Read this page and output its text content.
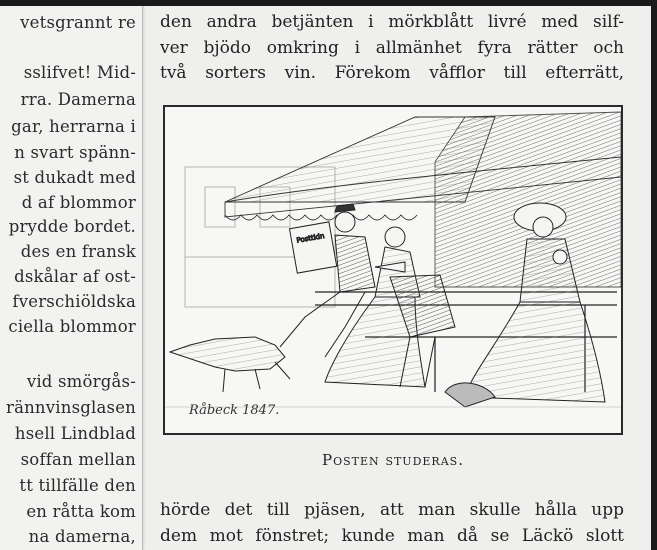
vetsgrannt re
sslifvet! Mid-
rra. Damerna
gar, herrarna i
n svart spänn-
st dukadt med
d af blommor
prydde bordet.
des en fransk
dskålar af ost-
fverschiöldska
ciella blommor
vid smörgås-
rännvinsglasen
hsell Lindblad
soffan mellan
tt tillfälle den
en råtta kom
na damerna,
den andra betjänten i mörkblått livré med silf-
ver bjödo omkring i allmänhet fyra rätter och
två sorters vin. Förekom våfflor till efterrätt,
hörde det till pjäsen, att man skulle hålla upp
dem mot fönstret; kunde man då se Läckö slott
Posttidn
Råbeck 1847.
Posten studeras.
